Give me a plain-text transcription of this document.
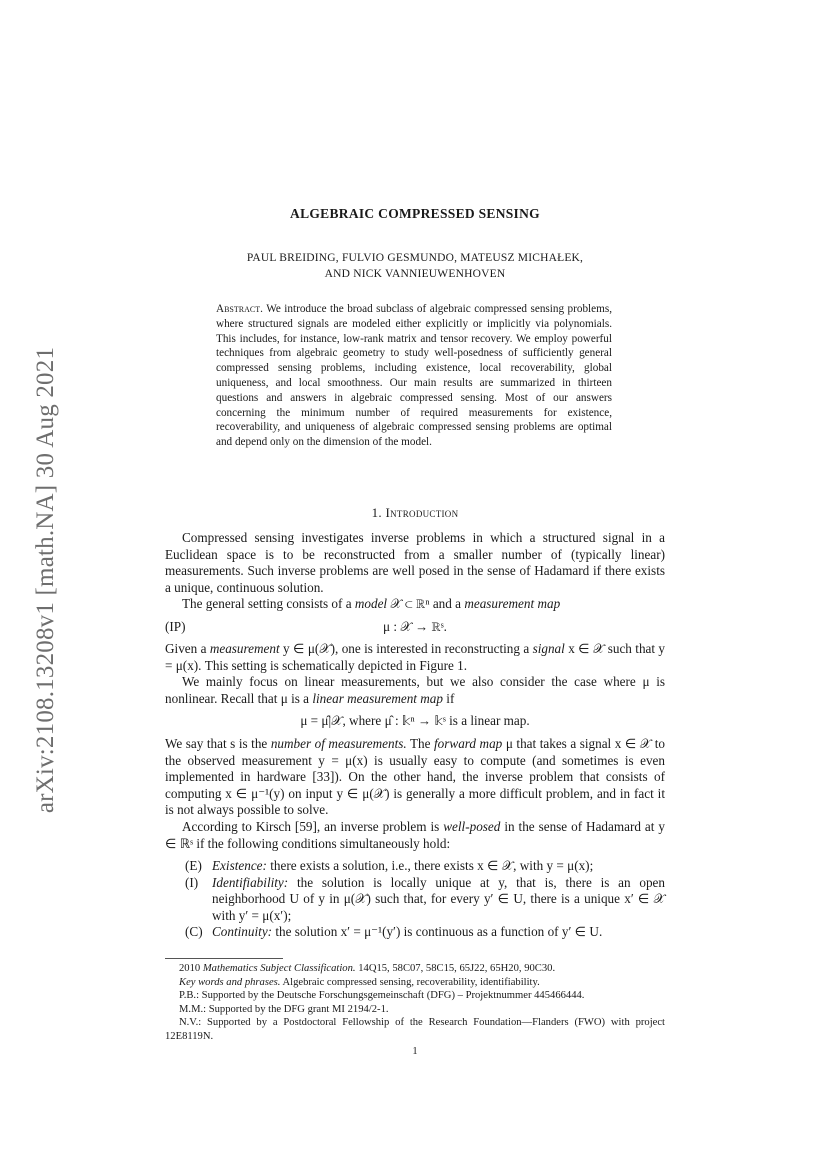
arXiv:2108.13208v1 [math.NA] 30 Aug 2021
ALGEBRAIC COMPRESSED SENSING
PAUL BREIDING, FULVIO GESMUNDO, MATEUSZ MICHAŁEK,
AND NICK VANNIEUWENHOVEN
Abstract. We introduce the broad subclass of algebraic compressed sensing problems, where structured signals are modeled either explicitly or implicitly via polynomials. This includes, for instance, low-rank matrix and tensor recovery. We employ powerful techniques from algebraic geometry to study well-posedness of sufficiently general compressed sensing problems, including existence, local recoverability, global uniqueness, and local smoothness. Our main results are summarized in thirteen questions and answers in algebraic compressed sensing. Most of our answers concerning the minimum number of required measurements for existence, recoverability, and uniqueness of algebraic compressed sensing problems are optimal and depend only on the dimension of the model.
1. Introduction

Compressed sensing investigates inverse problems in which a structured signal in a Euclidean space is to be reconstructed from a smaller number of (typically linear) measurements. Such inverse problems are well posed in the sense of Hadamard if there exists a unique, continuous solution.

The general setting consists of a model 𝒳 ⊂ ℝⁿ and a measurement map

(IP)	μ : 𝒳 → ℝˢ.

Given a measurement y ∈ μ(𝒳), one is interested in reconstructing a signal x ∈ 𝒳 such that y = μ(x). This setting is schematically depicted in Figure 1.

We mainly focus on linear measurements, but we also consider the case where μ is nonlinear. Recall that μ is a linear measurement map if

μ = μ̂|𝒳, where μ̂ : 𝕜ⁿ → 𝕜ˢ is a linear map.

We say that s is the number of measurements. The forward map μ that takes a signal x ∈ 𝒳 to the observed measurement y = μ(x) is usually easy to compute (and sometimes is even implemented in hardware [33]). On the other hand, the inverse problem that consists of computing x ∈ μ⁻¹(y) on input y ∈ μ(𝒳) is generally a more difficult problem, and in fact it is not always possible to solve.

According to Kirsch [59], an inverse problem is well-posed in the sense of Hadamard at y ∈ ℝˢ if the following conditions simultaneously hold:

(E) Existence: there exists a solution, i.e., there exists x ∈ 𝒳, with y = μ(x);
(I) Identifiability: the solution is locally unique at y, that is, there is an open neighborhood U of y in μ(𝒳) such that, for every y′ ∈ U, there is a unique x′ ∈ 𝒳 with y′ = μ(x′);
(C) Continuity: the solution x′ = μ⁻¹(y′) is continuous as a function of y′ ∈ U.

2010 Mathematics Subject Classification. 14Q15, 58C07, 58C15, 65J22, 65H20, 90C30.

Key words and phrases. Algebraic compressed sensing, recoverability, identifiability.

P.B.: Supported by the Deutsche Forschungsgemeinschaft (DFG) – Projektnummer 445466444.

M.M.: Supported by the DFG grant MI 2194/2-1.

N.V.: Supported by a Postdoctoral Fellowship of the Research Foundation—Flanders (FWO) with project 12E8119N.

1
